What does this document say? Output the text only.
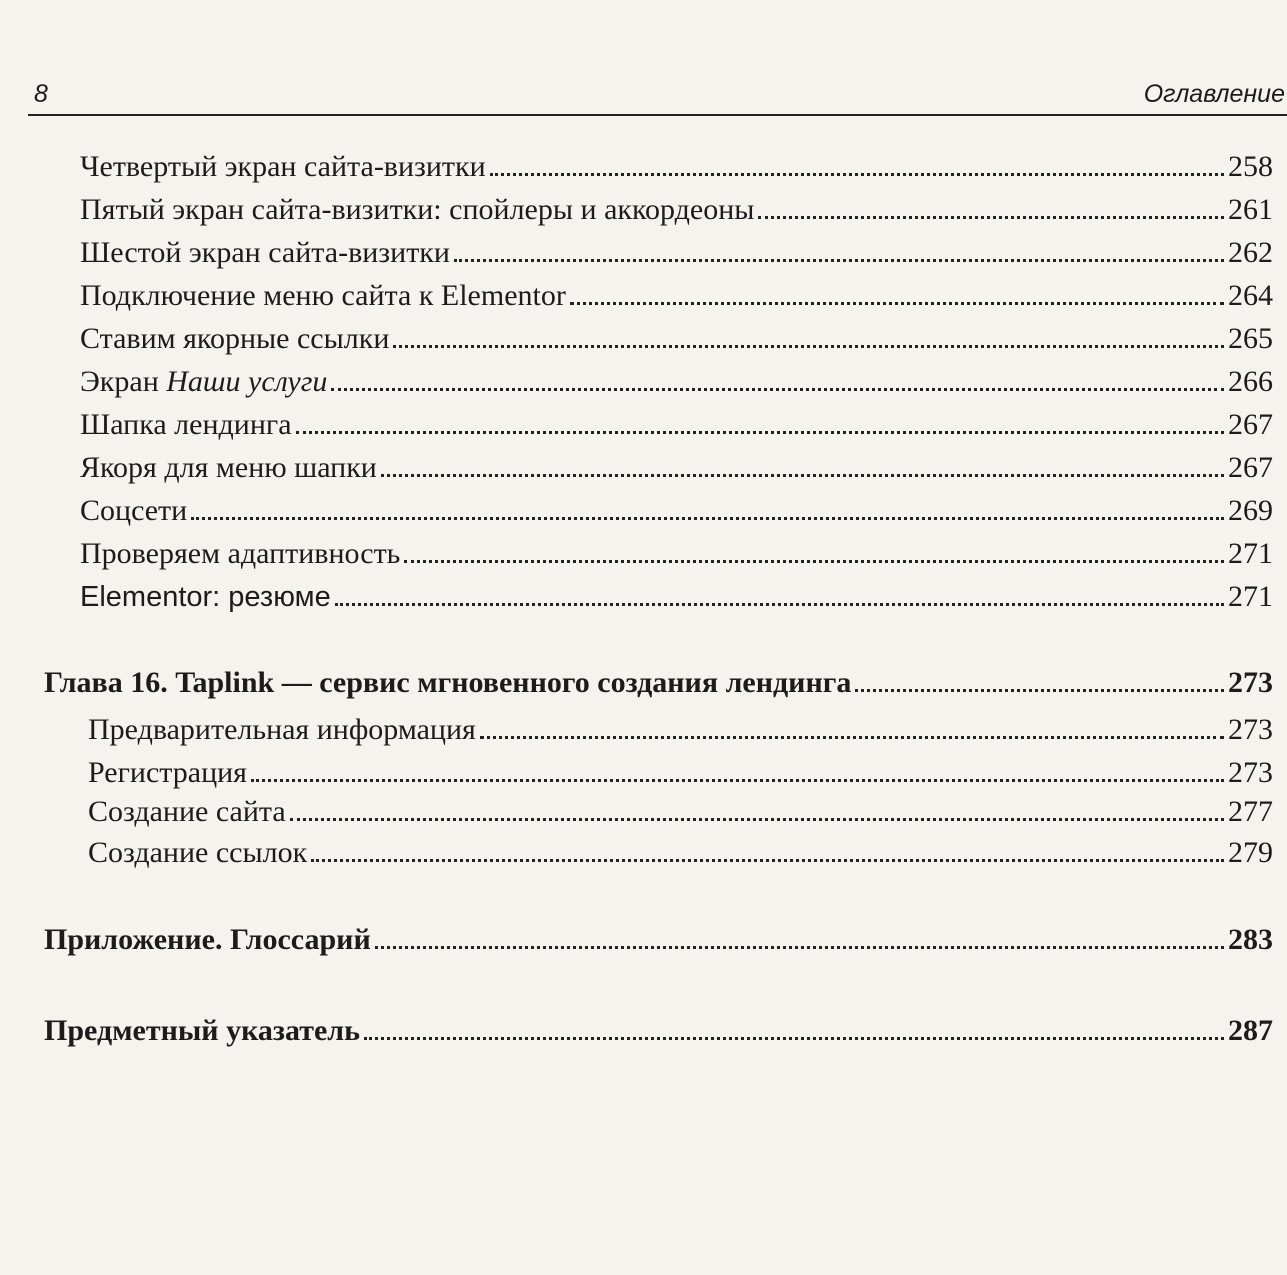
8	Оглавление
Четвертый экран сайта-визитки	258
Пятый экран сайта-визитки: спойлеры и аккордеоны	261
Шестой экран сайта-визитки	262
Подключение меню сайта к Elementor	264
Ставим якорные ссылки	265
Экран Наши услуги	266
Шапка лендинга	267
Якоря для меню шапки	267
Соцсети	269
Проверяем адаптивность	271
Elementor: резюме	271
Глава 16. Taplink — сервис мгновенного создания лендинга	273
Предварительная информация	273
Регистрация	273
Создание сайта	277
Создание ссылок	279
Приложение. Глоссарий	283
Предметный указатель	287
